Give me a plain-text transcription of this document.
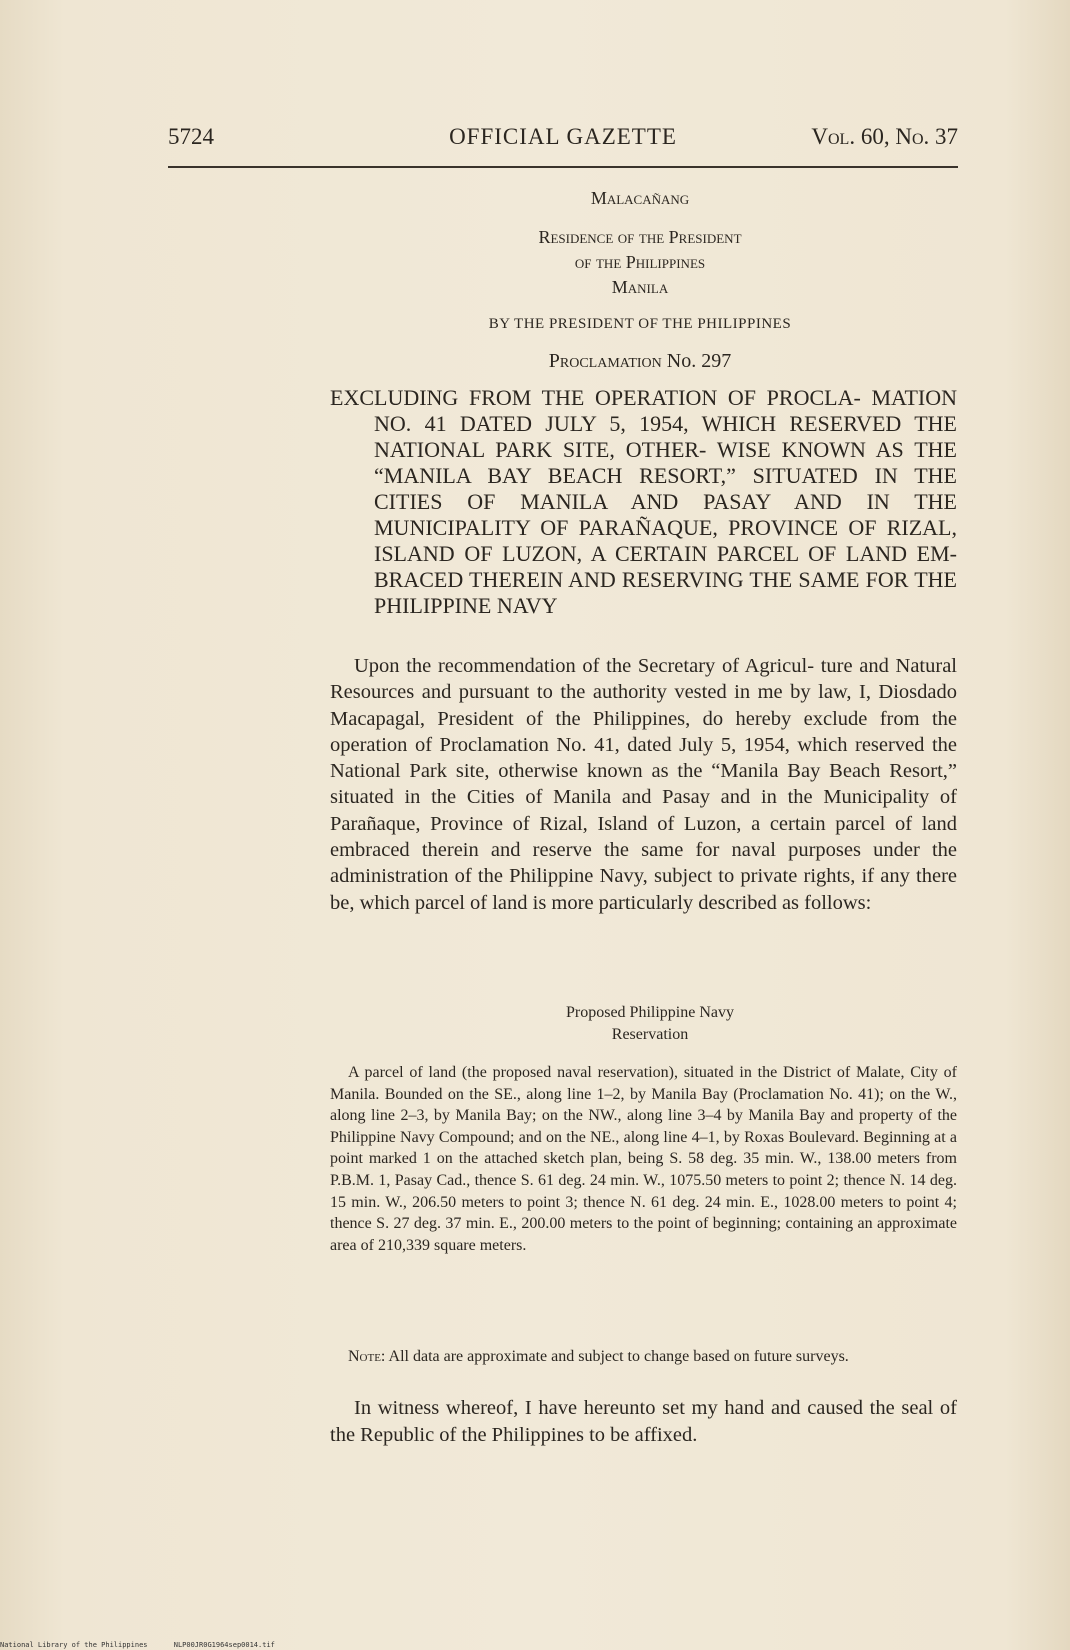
5724	OFFICIAL GAZETTE	Vol. 60, No. 37
Malacañang
Residence of the President
of the Philippines
Manila
BY THE PRESIDENT OF THE PHILIPPINES
Proclamation No. 297
EXCLUDING FROM THE OPERATION OF PROCLA- MATION NO. 41 DATED JULY 5, 1954, WHICH RESERVED THE NATIONAL PARK SITE, OTHER- WISE KNOWN AS THE “MANILA BAY BEACH RESORT,” SITUATED IN THE CITIES OF MANILA AND PASAY AND IN THE MUNICIPALITY OF PARAÑAQUE, PROVINCE OF RIZAL, ISLAND OF LUZON, A CERTAIN PARCEL OF LAND EM- BRACED THEREIN AND RESERVING THE SAME FOR THE PHILIPPINE NAVY

Upon the recommendation of the Secretary of Agricul- ture and Natural Resources and pursuant to the authority vested in me by law, I, Diosdado Macapagal, President of the Philippines, do hereby exclude from the operation of Proclamation No. 41, dated July 5, 1954, which reserved the National Park site, otherwise known as the “Manila Bay Beach Resort,” situated in the Cities of Manila and Pasay and in the Municipality of Parañaque, Province of Rizal, Island of Luzon, a certain parcel of land embraced therein and reserve the same for naval purposes under the administration of the Philippine Navy, subject to private rights, if any there be, which parcel of land is more particularly described as follows:

Proposed Philippine Navy
Reservation

A parcel of land (the proposed naval reservation), situated in the District of Malate, City of Manila. Bounded on the SE., along line 1–2, by Manila Bay (Proclamation No. 41); on the W., along line 2–3, by Manila Bay; on the NW., along line 3–4 by Manila Bay and property of the Philippine Navy Compound; and on the NE., along line 4–1, by Roxas Boulevard. Beginning at a point marked 1 on the attached sketch plan, being S. 58 deg. 35 min. W., 138.00 meters from P.B.M. 1, Pasay Cad., thence S. 61 deg. 24 min. W., 1075.50 meters to point 2; thence N. 14 deg. 15 min. W., 206.50 meters to point 3; thence N. 61 deg. 24 min. E., 1028.00 meters to point 4; thence S. 27 deg. 37 min. E., 200.00 meters to the point of beginning; containing an approximate area of 210,339 square meters.

Note: All data are approximate and subject to change based on future surveys.

In witness whereof, I have hereunto set my hand and caused the seal of the Republic of the Philippines to be affixed.

National Library of the Philippines	NLP00JR0G1964sep0014.tif
